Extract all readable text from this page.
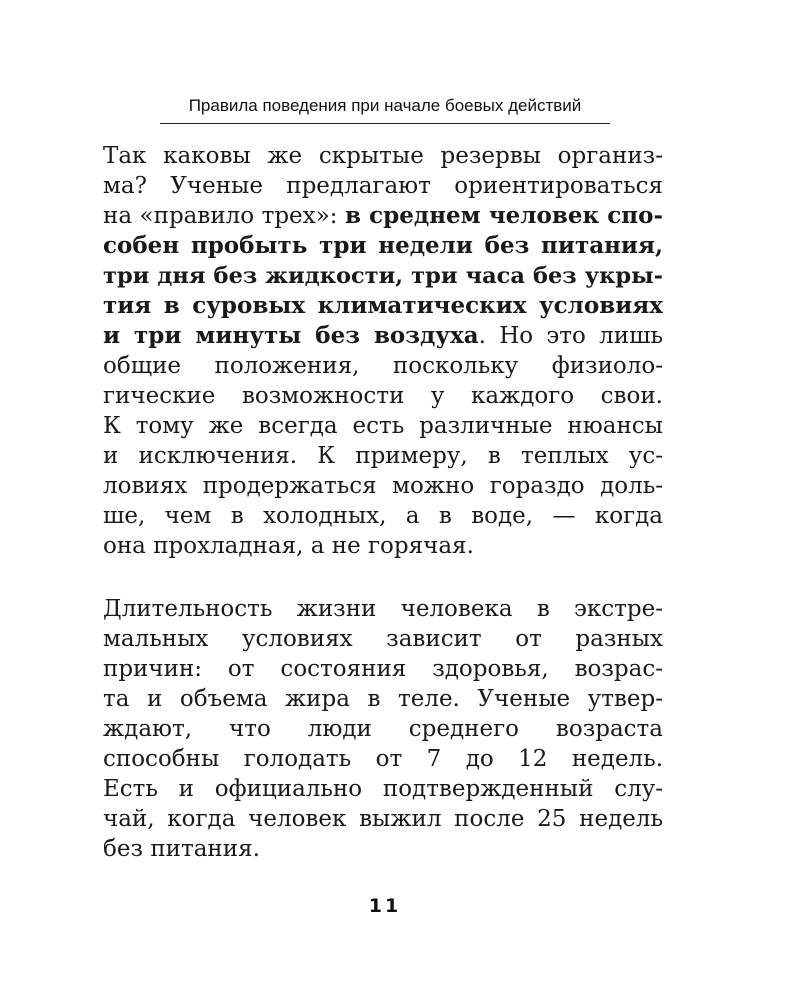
Правила поведения при начале боевых действий
Так каковы же скрытые резервы организ-
ма? Ученые предлагают ориентироваться
на «правило трех»: в среднем человек спо-
собен пробыть три недели без питания,
три дня без жидкости, три часа без укры-
тия в суровых климатических условиях
и три минуты без воздуха. Но это лишь
общие положения, поскольку физиоло-
гические возможности у каждого свои.
К тому же всегда есть различные нюансы
и исключения. К примеру, в теплых ус-
ловиях продержаться можно гораздо доль-
ше, чем в холодных, а в воде, — когда
она прохладная, а не горячая.
Длительность жизни человека в экстре-
мальных условиях зависит от разных
причин: от состояния здоровья, возрас-
та и объема жира в теле. Ученые утвер-
ждают, что люди среднего возраста
способны голодать от 7 до 12 недель.
Есть и официально подтвержденный слу-
чай, когда человек выжил после 25 недель
без питания.
11
